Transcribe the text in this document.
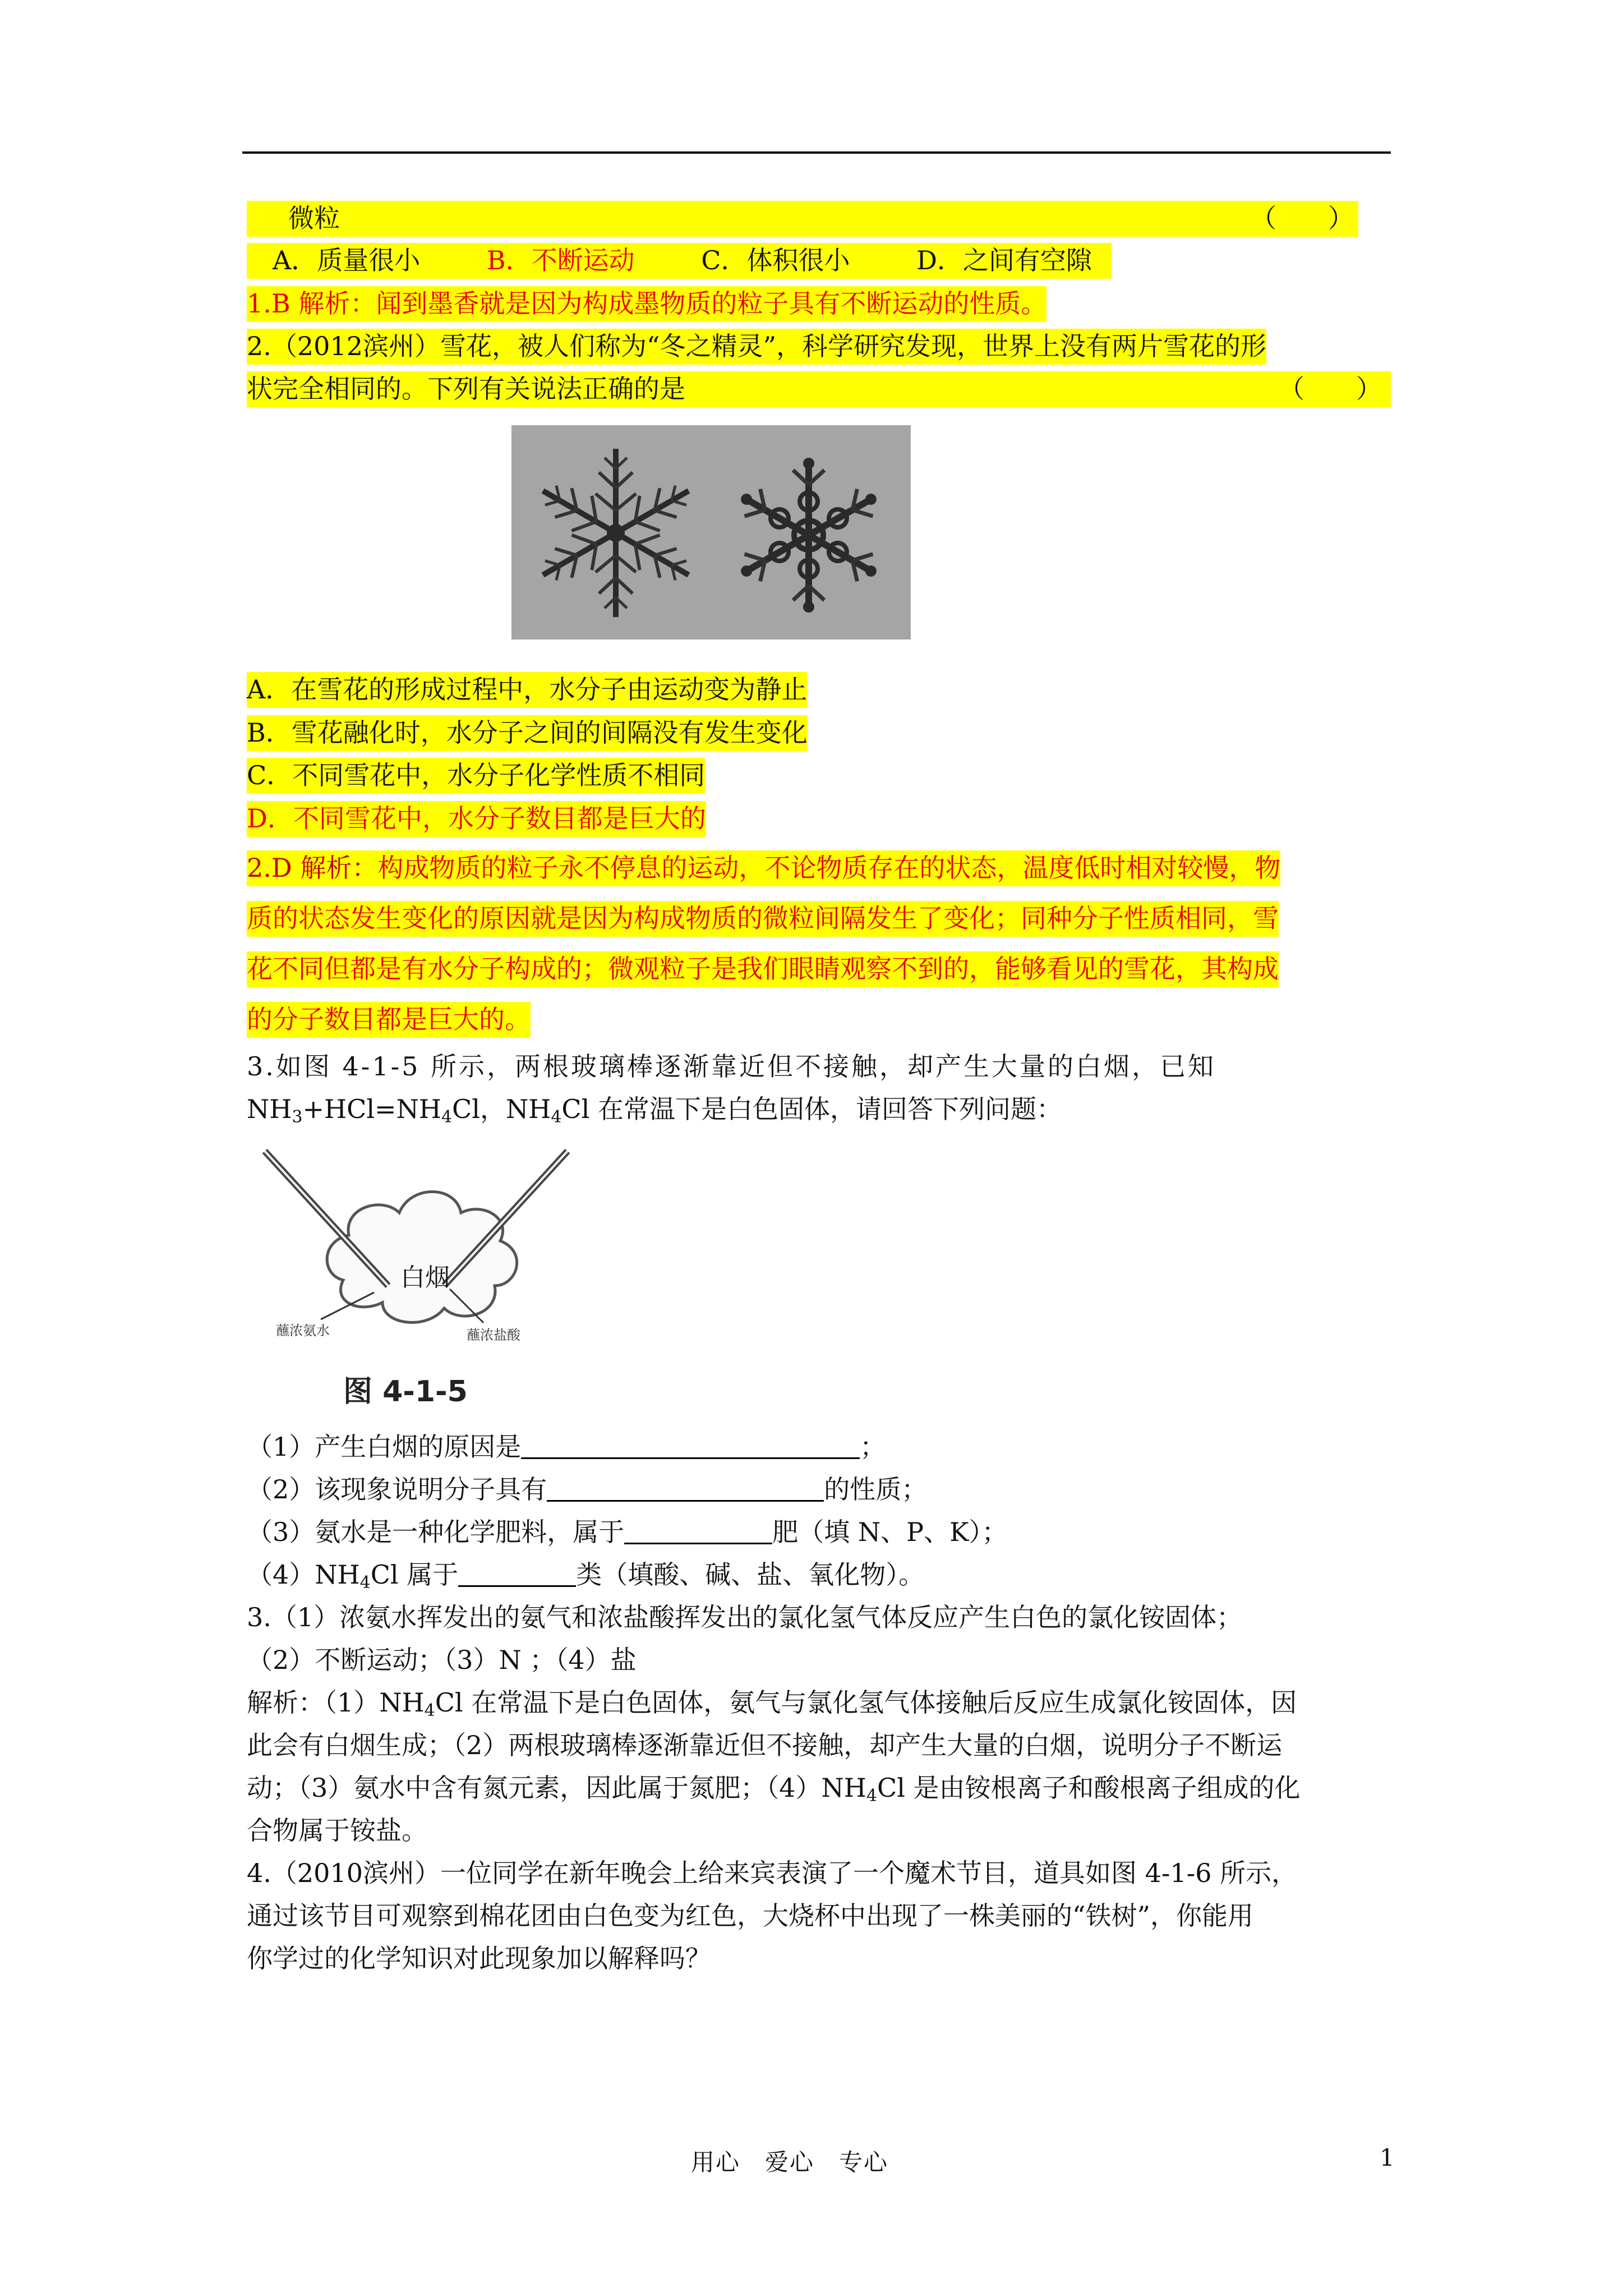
微粒	（　　）
A．质量很小	B．不断运动	C．体积很小	D．之间有空隙
1.B 解析：闻到墨香就是因为构成墨物质的粒子具有不断运动的性质。
2.（2012滨州）雪花，被人们称为“冬之精灵”，科学研究发现，世界上没有两片雪花的形
状完全相同的。下列有关说法正确的是	（　　）
A．在雪花的形成过程中，水分子由运动变为静止
B．雪花融化时，水分子之间的间隔没有发生变化
C．不同雪花中，水分子化学性质不相同
D．不同雪花中，水分子数目都是巨大的
2.D 解析：构成物质的粒子永不停息的运动，不论物质存在的状态，温度低时相对较慢，物
质的状态发生变化的原因就是因为构成物质的微粒间隔发生了变化；同种分子性质相同，雪
花不同但都是有水分子构成的；微观粒子是我们眼睛观察不到的，能够看见的雪花，其构成
的分子数目都是巨大的。
3.如图 4-1-5 所示，两根玻璃棒逐渐靠近但不接触，却产生大量的白烟，已知
$NH_3+HCl=NH_4Cl$，$NH_4Cl$ 在常温下是白色固体，请回答下列问题：
白烟
蘸浓氨水	蘸浓盐酸
图 4-1-5
（1）产生白烟的原因是	；
（2）该现象说明分子具有	的性质；
（3）氨水是一种化学肥料，属于	肥（填 N、P、K）；
$(4)NH_4Cl$ 属于	类（填酸、碱、盐、氧化物）。
3.（1）浓氨水挥发出的氨气和浓盐酸挥发出的氯化氢气体反应产生白色的氯化铵固体；
（2）不断运动；（3）N ；（4）盐
解析：$(1)NH_4Cl$ 在常温下是白色固体，氨气与氯化氢气体接触后反应生成氯化铵固体，因
此会有白烟生成；（2）两根玻璃棒逐渐靠近但不接触，却产生大量的白烟，说明分子不断运
动；（3）氨水中含有氮元素，因此属于氮肥；$(4)NH_4Cl$ 是由铵根离子和酸根离子组成的化
合物属于铵盐。
4.（2010滨州）一位同学在新年晚会上给来宾表演了一个魔术节目，道具如图 4-1-6 所示，
通过该节目可观察到棉花团由白色变为红色，大烧杯中出现了一株美丽的“铁树”，你能用
你学过的化学知识对此现象加以解释吗？
用心　爱心　专心	1
